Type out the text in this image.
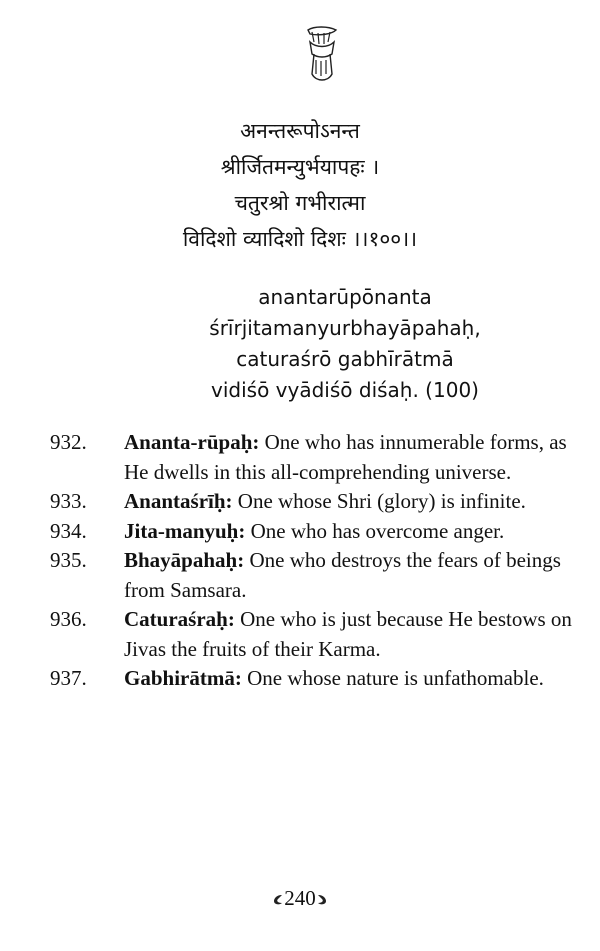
अनन्तरूपोऽनन्त
श्रीर्जितमन्युर्भयापहः ।
चतुरश्रो गभीरात्मा
विदिशो व्यादिशो दिशः ।।१००।।
anantarūpōnanta
śrīrjitamanyurbhayāpahaḥ,
caturaśrō gabhīrātmā
vidiśō vyādiśō diśaḥ. (100)
932. Ananta-rūpaḥ: One who has innumerable forms, as He dwells in this all-comprehending universe.
933. Anantaśrīḥ: One whose Shri (glory) is infinite.
934. Jita-manyuḥ: One who has overcome anger.
935. Bhayāpahaḥ: One who destroys the fears of beings from Samsara.
936. Caturaśraḥ: One who is just because He bestows on Jivas the fruits of their Karma.
937. Gabhirātmā: One whose nature is unfathomable.
240
